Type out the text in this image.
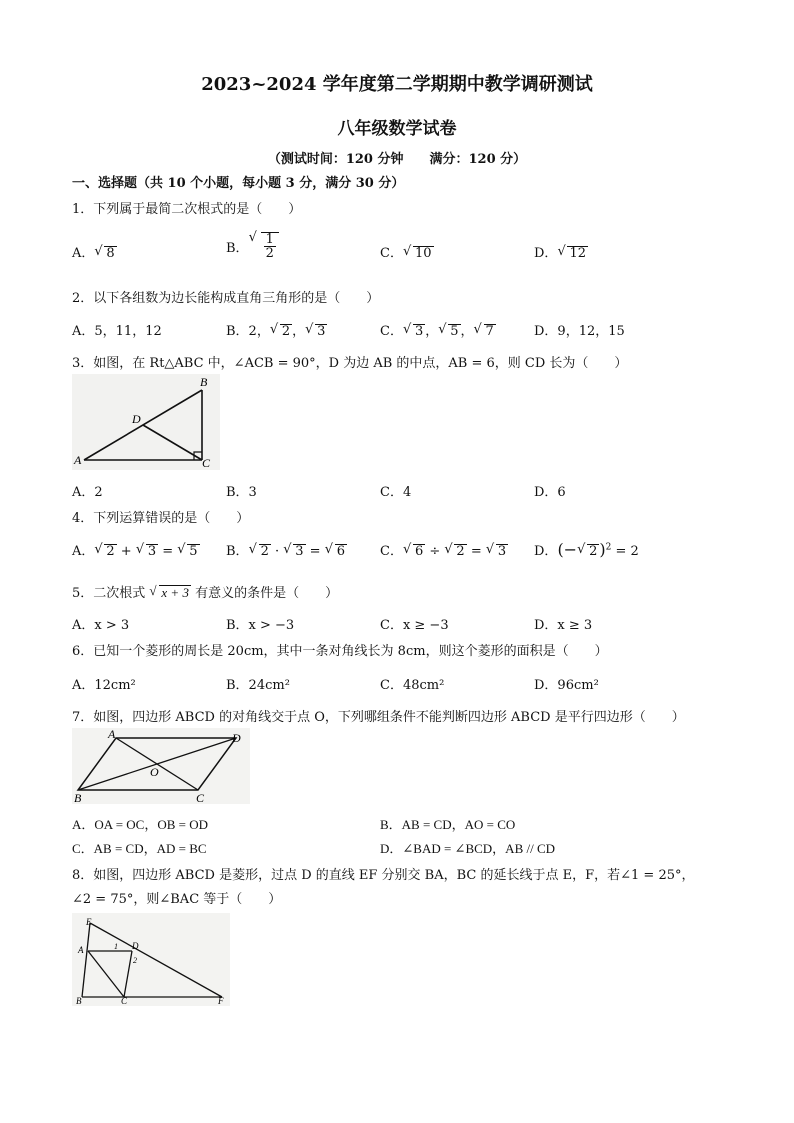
2023~2024 学年度第二学期期中教学调研测试
八年级数学试卷
（测试时间：120 分钟　　满分：120 分）
一、选择题（共 10 个小题，每小题 3 分，满分 30 分）
1．下列属于最简二次根式的是（　　）
A． √ 8	B． √ $\frac{1}{2}$	C． √ 10	D． √ 12
2．以下各组数为边长能构成直角三角形的是（　　）
A．5，11，12	B．2， √ 2 ， √ 3	C． √ 3 ， √ 5 ， √ 7	D．9，12，15
3．如图，在 Rt△ABC 中，∠ACB = 90°，D 为边 AB 的中点，AB = 6，则 CD 长为（　　）
A
B
C
D
A．2	B．3	C．4	D．6
4．下列运算错误的是（　　）
A． √ 2 + √ 3 = √ 5 B． √ 2 · √ 3 = √ 6	C． √ 6 ÷ √ 2 = √ 3 D．(− √ 2 )$^2$ = 2
5．二次根式 √ x + 3 有意义的条件是（　　）
A．x > 3	B．x > −3	C．x ≥ −3	D．x ≥ 3
6．已知一个菱形的周长是 20cm，其中一条对角线长为 8cm，则这个菱形的面积是（　　）
A．12cm²	B．24cm²	C．48cm²	D．96cm²
7．如图，四边形 ABCD 的对角线交于点 O，下列哪组条件不能判断四边形 ABCD 是平行四边形（　　）
A	D
B	C
O
A．OA = OC，OB = OD	B．AB = CD，AO = CO
C．AB = CD，AD = BC	D．∠BAD = ∠BCD，AB // CD
8．如图，四边形 ABCD 是菱形，过点 D 的直线 EF 分别交 BA，BC 的延长线于点 E，F，若∠1 = 25°，
∠2 = 75°，则∠BAC 等于（　　）
E
A	D
B	C	F
1
2
